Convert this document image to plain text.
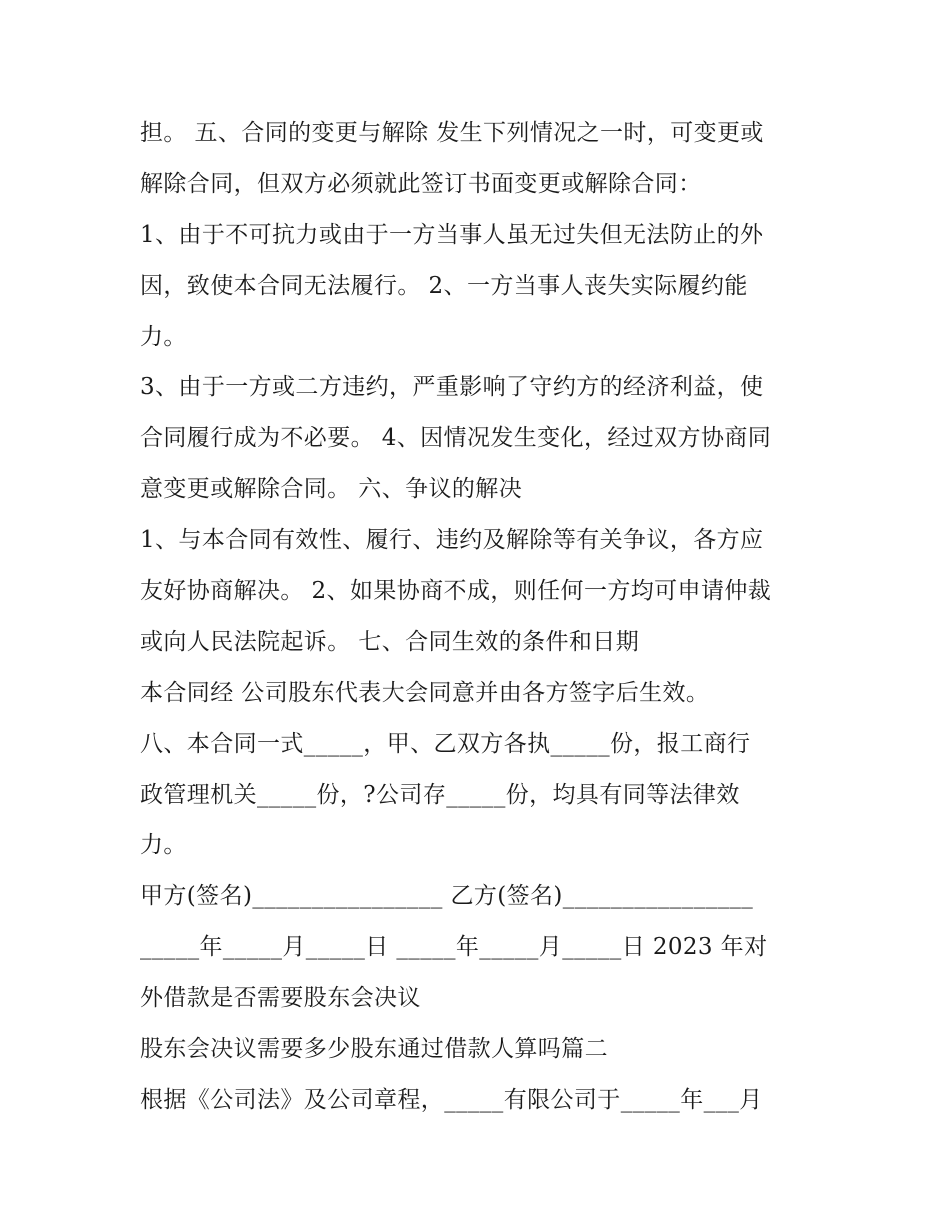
担。 五、合同的变更与解除 发生下列情况之一时，可变更或
解除合同，但双方必须就此签订书面变更或解除合同：
1、由于不可抗力或由于一方当事人虽无过失但无法防止的外
因，致使本合同无法履行。 2、一方当事人丧失实际履约能
力。
3、由于一方或二方违约，严重影响了守约方的经济利益，使
合同履行成为不必要。 4、因情况发生变化，经过双方协商同
意变更或解除合同。 六、争议的解决
1、与本合同有效性、履行、违约及解除等有关争议，各方应
友好协商解决。 2、如果协商不成，则任何一方均可申请仲裁
或向人民法院起诉。 七、合同生效的条件和日期
本合同经 公司股东代表大会同意并由各方签字后生效。
八、本合同一式_____，甲、乙双方各执_____份，报工商行
政管理机关_____份，?公司存_____份，均具有同等法律效
力。
甲方(签名)________________ 乙方(签名)________________
_____年_____月_____日 _____年_____月_____日 2023 年对
外借款是否需要股东会决议
股东会决议需要多少股东通过借款人算吗篇二
根据《公司法》及公司章程，_____有限公司于_____年___月
